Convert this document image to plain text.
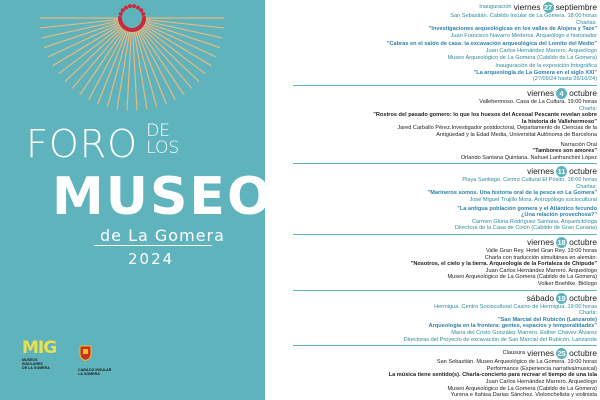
FORO DE
LOS
MUSEOS
de La Gomera
2024
MIG
MUSEOS
INSULARES
DE LA GOMERA	CABILDO INSULAR
LA GOMERA
Inauguración viernes 27 septiembre
San Sebastián. Cabildo Insular de La Gomera. 18:00 horas
Charlas:
"Investigaciones arqueológicas en los valles de Alojera y Taze"
Juan Francisco Navarro Mederos. Arqueólogo e historiador
"Cabras en el salón de casa: la excavación arqueológica del Lomito del Medio"
Juan Carlos Hernández Marrero. Arqueólogo
Museo Arqueológico de La Gomera (Cabildo de La Gomera)
Inauguración de la exposición fotográfica
"La arqueología de La Gomera en el siglo XXI"
(27/09/24 hasta 26/10/24)
viernes 4 octubre
Vallehermoso. Casa de La Cultura. 19:00 horas
Charla:
"Rostros del pasado gomero: lo que los huesos del Acesoal Pescante revelan sobre
la historia de Vallehermoso"
Jared Carballo Pérez.Investigador postdoctoral, Departamento de Ciencias de la
Antigüedad y la Edad Media, Universitat Autònoma de Barcelona
Narración Oral
"Tambores son amores"
Orlando Santana Quintana. Nahuel Lanfranchini López
viernes 11 octubre
Playa Santiago. Centro Cultural El Pósito. 18:00 horas
Charlas:
"Marineros somos. Una historia oral de la pesca en La Gomera"
José Miguel Trujillo Mora. Antropólogo sociocultural
"La antigua población gomera y el Atlántico fecundo
¿Una relación provechosa?"
Carmen Gloria Rodríguez Santana. Arqueóctóloga
Directora de la Casa de Colón (Cabildo de Gran Canaria)
viernes 18 octubre
Valle Gran Rey. Hotel Gran Rey. 19:00 horas
Charla con traducción simultánea en alemán:
"Nosotros, el cielo y la tierra. Arqueología de la Fortaleza de Chipude"
Juan Carlos Hernández Marrero. Arqueólogo
Museo Arqueológico de La Gomera (Cabildo de La Gomera)
Volker Boehlke. Biólogo
sábado 19 octubre
Hermigua. Centro Sociocultural Casino de Hermigua. 19:00 horas
Charla:
"San Marcial del Rubicón (Lanzarote)
Arqueología en la frontera: gentes, espacios y temporalidades"
María del Cristo González Marrero. Esther Chávez Álvarez
Directoras del Proyecto de excavación de San Marcial del Rubicón, Lanzarote
Clausura viernes 25 octubre
San Sebastián. Museo Arqueológico de La Gomera. 19:00 horas
Performance (Experiencia narrativa/musical)
La música tiene sentido(s). Charla-concierto para recrear el tiempo de una isla
Juan Carlos Hernández Marrero. Arqueólogo
Museo Arqueológico de La Gomera (Cabildo de La Gomera)
Yurena e Itahisa Darias Sánchez. Violonchelista y violinista
